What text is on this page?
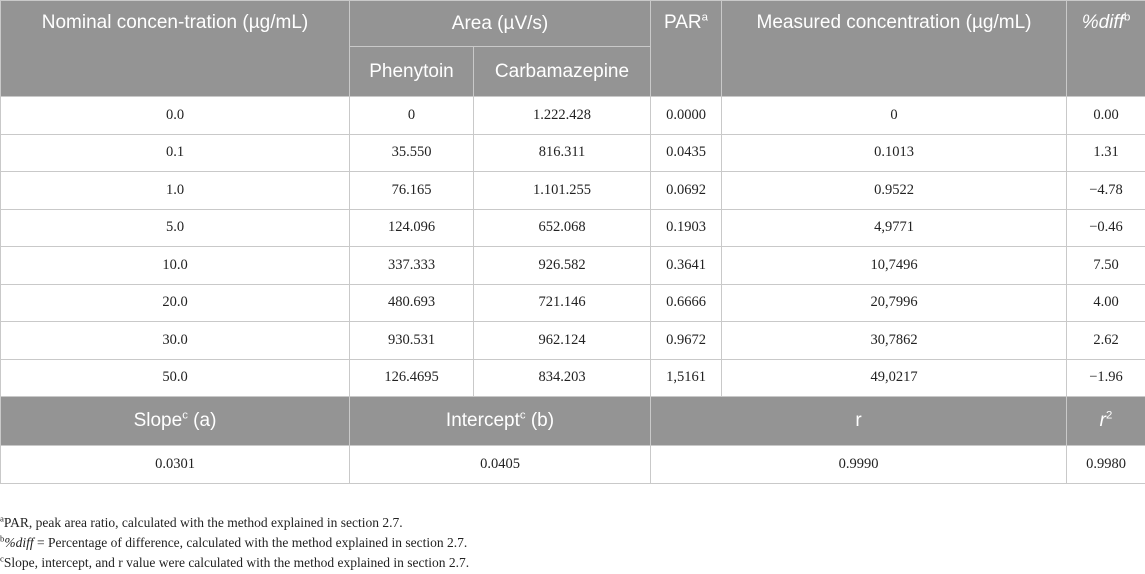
Nominal concen-tration (µg/mL)	Area (µV/s)		PAR$^a$	Measured concentration (µg/mL)	%diff$^b$
	Phenytoin	Carbamazepine			
0.0	0	1.222.428	0.0000	0	0.00
0.1	35.550	816.311	0.0435	0.1013	1.31
1.0	76.165	1.101.255	0.0692	0.9522	−4.78
5.0	124.096	652.068	0.1903	4,9771	−0.46
10.0	337.333	926.582	0.3641	10,7496	7.50
20.0	480.693	721.146	0.6666	20,7996	4.00
30.0	930.531	962.124	0.9672	30,7862	2.62
50.0	126.4695	834.203	1,5161	49,0217	−1.96
Slope$^c$ (a)	Intercept$^c$ (b)		r		$r^2$
0.0301	0.0405		0.9990		0.9980
$^a$PAR, peak area ratio, calculated with the method explained in section 2.7.
$^b$%diff = Percentage of difference, calculated with the method explained in section 2.7.
$^c$Slope, intercept, and r value were calculated with the method explained in section 2.7.
